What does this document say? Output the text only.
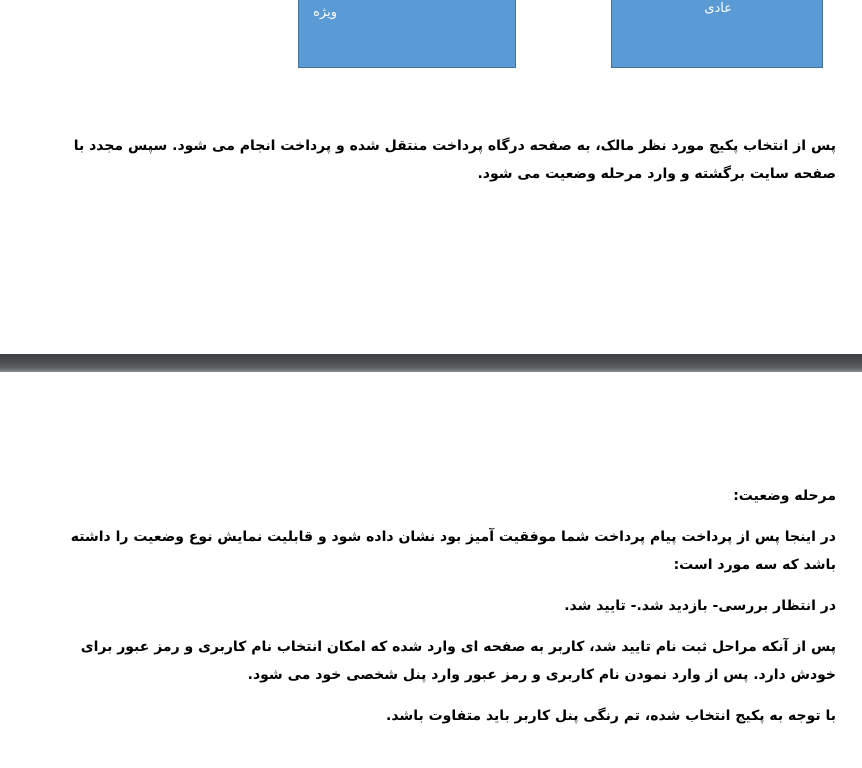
ویژه	عادی
پس از انتخاب پکیج مورد نظر مالک، به صفحه درگاه پرداخت منتقل شده و پرداخت انجام می شود. سپس مجدد با
صفحه سایت برگشته و وارد مرحله وضعیت می شود.
مرحله وضعیت:
در اینجا پس از پرداخت پیام پرداخت شما موفقیت آمیز بود نشان داده شود و قابلیت نمایش نوع وضعیت را داشته
باشد که سه مورد است:
در انتظار بررسی- بازدید شد.- تایید شد.
پس از آنکه مراحل ثبت نام تایید شد، کاربر به صفحه ای وارد شده که امکان انتخاب نام کاربری و رمز عبور برای
خودش دارد. پس از وارد نمودن نام کاربری و رمز عبور وارد پنل شخصی خود می شود.
با توجه به پکیج انتخاب شده، تم رنگی پنل کاربر باید متفاوت باشد.
